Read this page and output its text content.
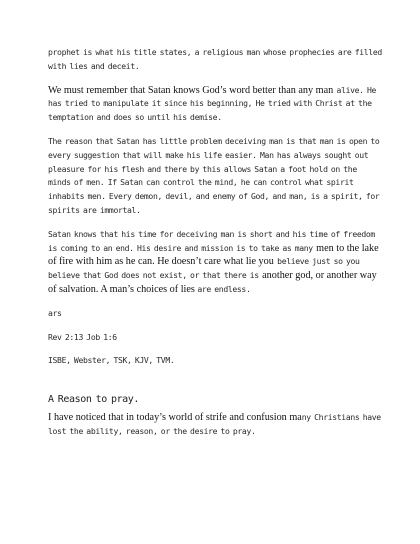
prophet is what his title states, a religious man whose prophecies are filled with lies and deceit.

We must remember that Satan knows God’s word better than any man alive. He has tried to manipulate it since his beginning, He tried with Christ at the temptation and does so until his demise.

The reason that Satan has little problem deceiving man is that man is open to every suggestion that will make his life easier. Man has always sought out pleasure for his flesh and there by this allows Satan a foot hold on the minds of men. If Satan can control the mind, he can control what spirit inhabits men. Every demon, devil, and enemy of God, and man, is a spirit, for spirits are immortal.

Satan knows that his time for deceiving man is short and his time of freedom is coming to an end. His desire and mission is to take as many men to the lake of fire with him as he can. He doesn’t care what lie you believe just so you believe that God does not exist, or that there is another god, or another way of salvation. A man’s choices of lies are endless.

ars

Rev 2:13 Job 1:6

ISBE, Webster, TSK, KJV, TVM.

A Reason to pray.

I have noticed that in today’s world of strife and confusion many Christians have lost the ability, reason, or the desire to pray.
